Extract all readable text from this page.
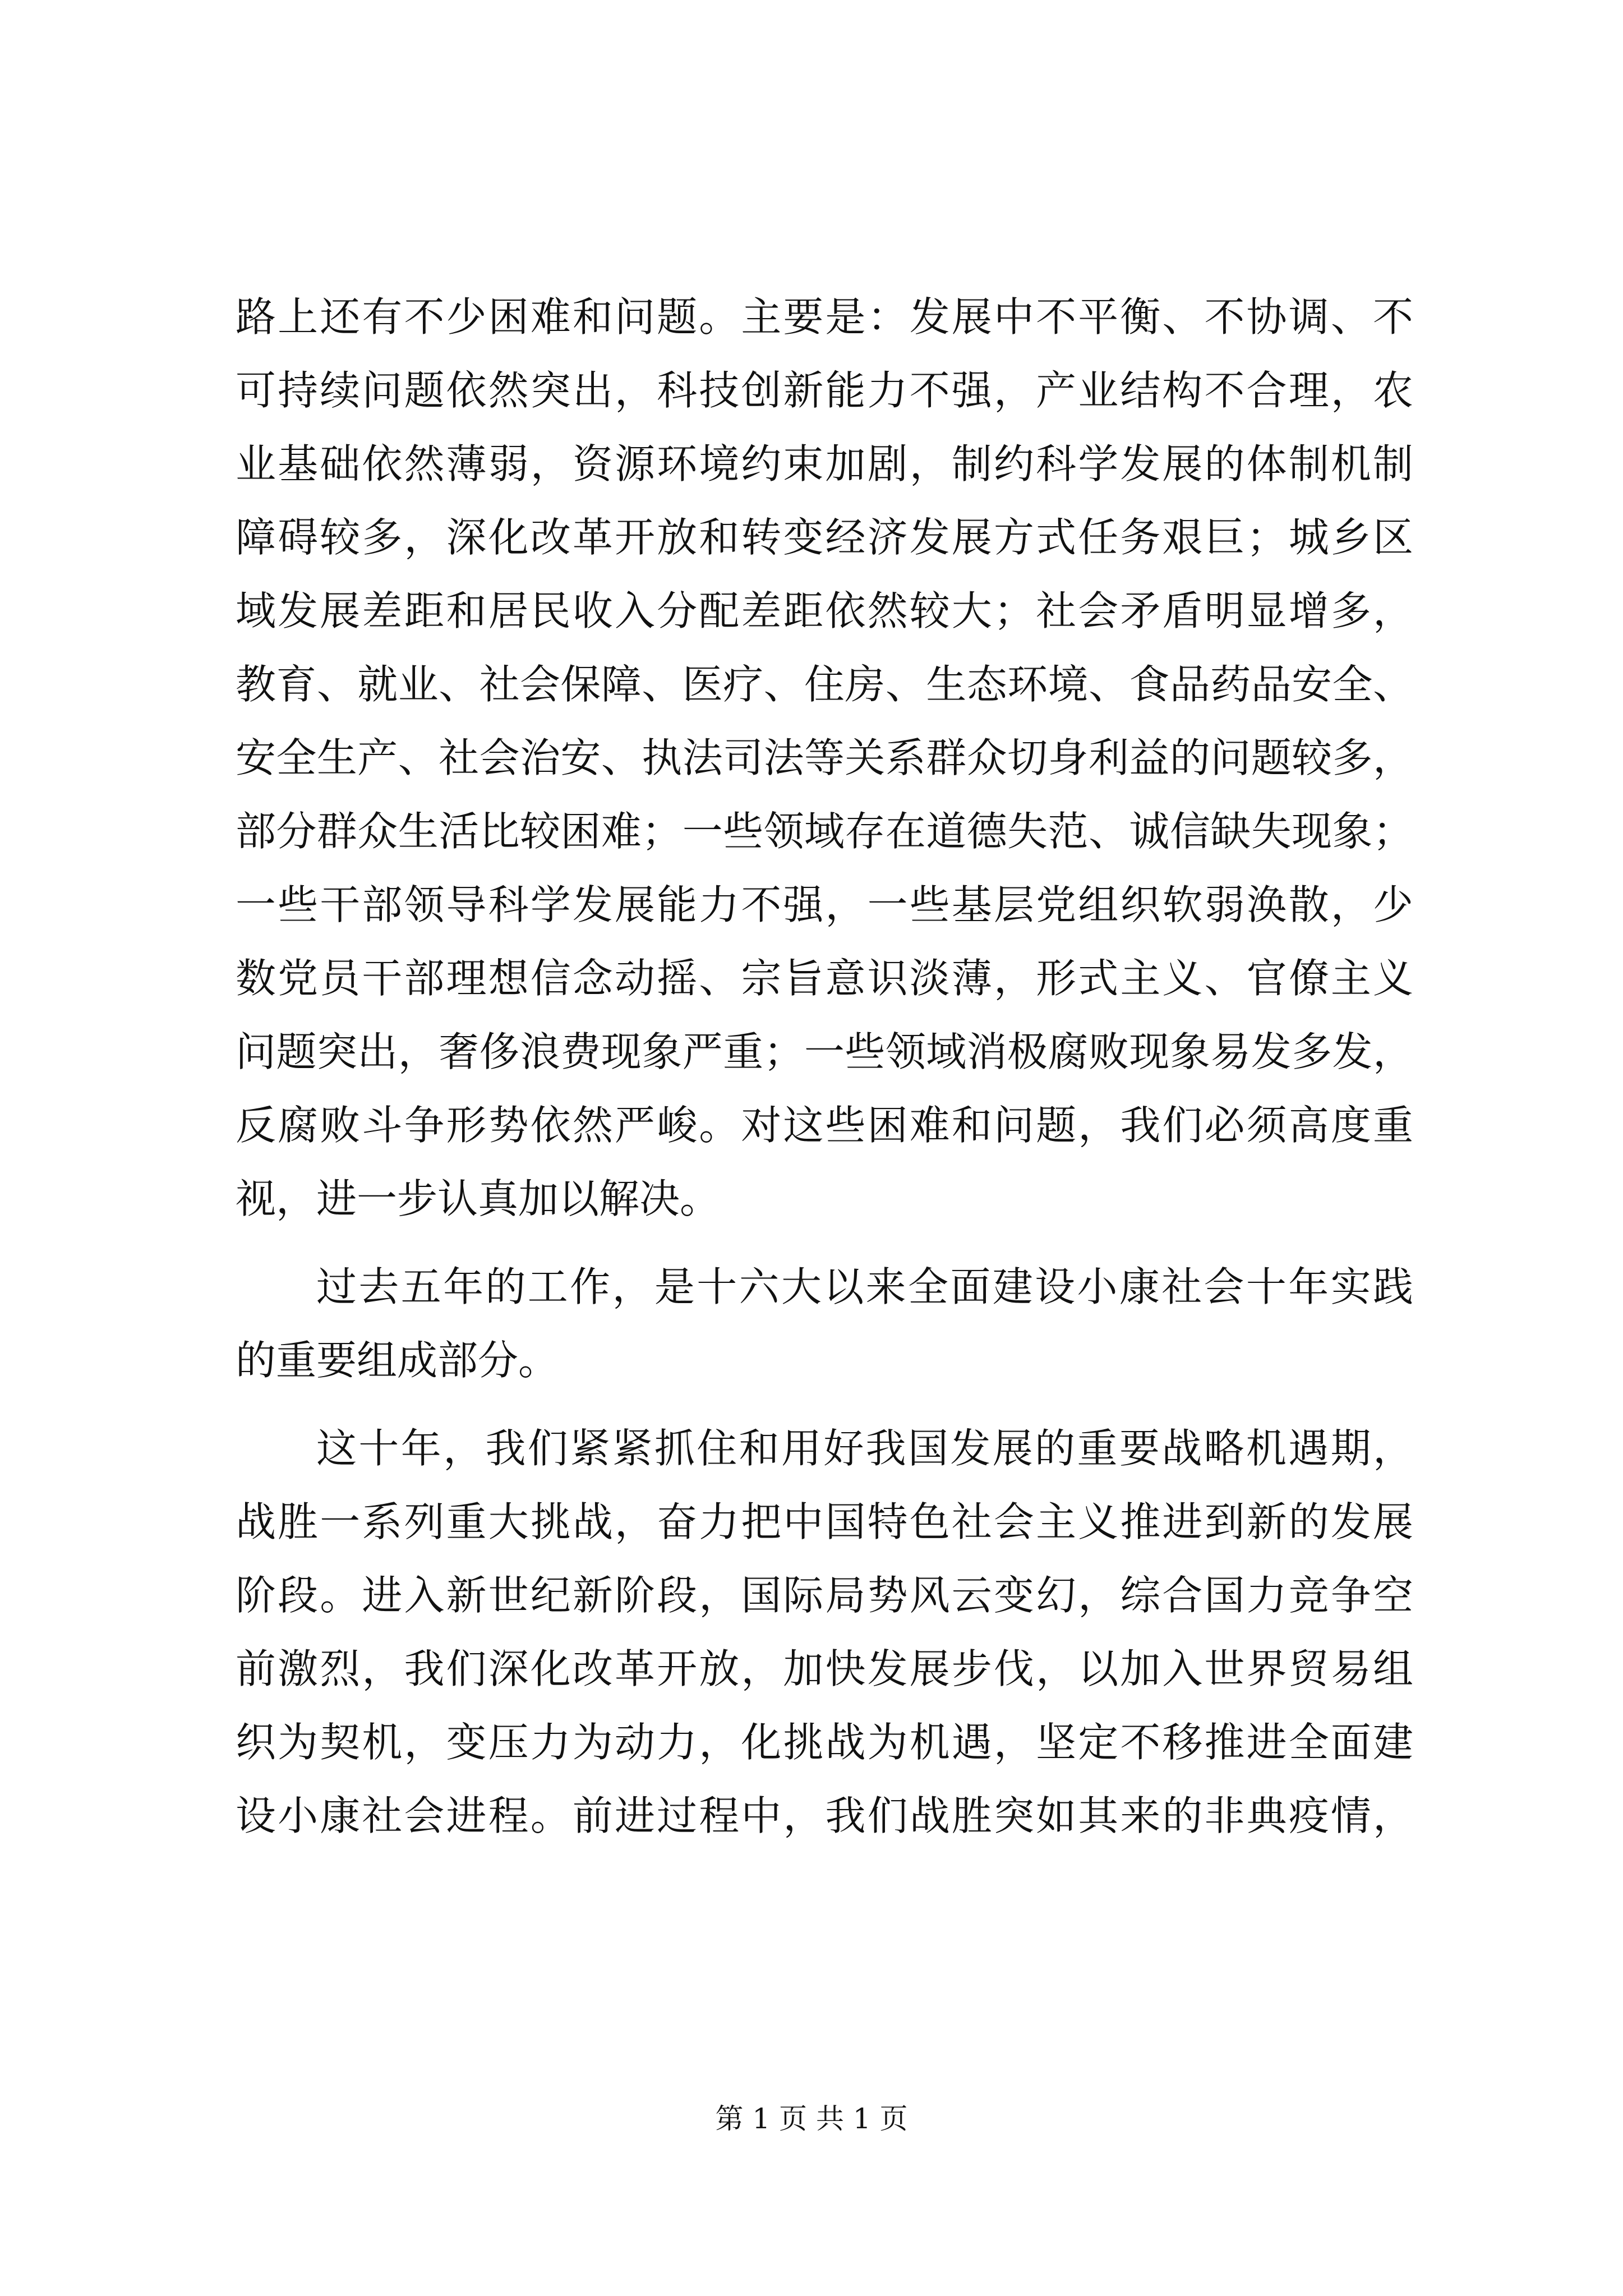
路上还有不少困难和问题。主要是：发展中不平衡、不协调、不
可持续问题依然突出，科技创新能力不强，产业结构不合理，农
业基础依然薄弱，资源环境约束加剧，制约科学发展的体制机制
障碍较多，深化改革开放和转变经济发展方式任务艰巨；城乡区
域发展差距和居民收入分配差距依然较大；社会矛盾明显增多，
教育、就业、社会保障、医疗、住房、生态环境、食品药品安全、
安全生产、社会治安、执法司法等关系群众切身利益的问题较多，
部分群众生活比较困难；一些领域存在道德失范、诚信缺失现象；
一些干部领导科学发展能力不强，一些基层党组织软弱涣散，少
数党员干部理想信念动摇、宗旨意识淡薄，形式主义、官僚主义
问题突出，奢侈浪费现象严重；一些领域消极腐败现象易发多发，
反腐败斗争形势依然严峻。对这些困难和问题，我们必须高度重
视，进一步认真加以解决。
过去五年的工作，是十六大以来全面建设小康社会十年实践
的重要组成部分。
这十年，我们紧紧抓住和用好我国发展的重要战略机遇期，
战胜一系列重大挑战，奋力把中国特色社会主义推进到新的发展
阶段。进入新世纪新阶段，国际局势风云变幻，综合国力竞争空
前激烈，我们深化改革开放，加快发展步伐，以加入世界贸易组
织为契机，变压力为动力，化挑战为机遇，坚定不移推进全面建
设小康社会进程。前进过程中，我们战胜突如其来的非典疫情，
第 1 页 共 1 页
